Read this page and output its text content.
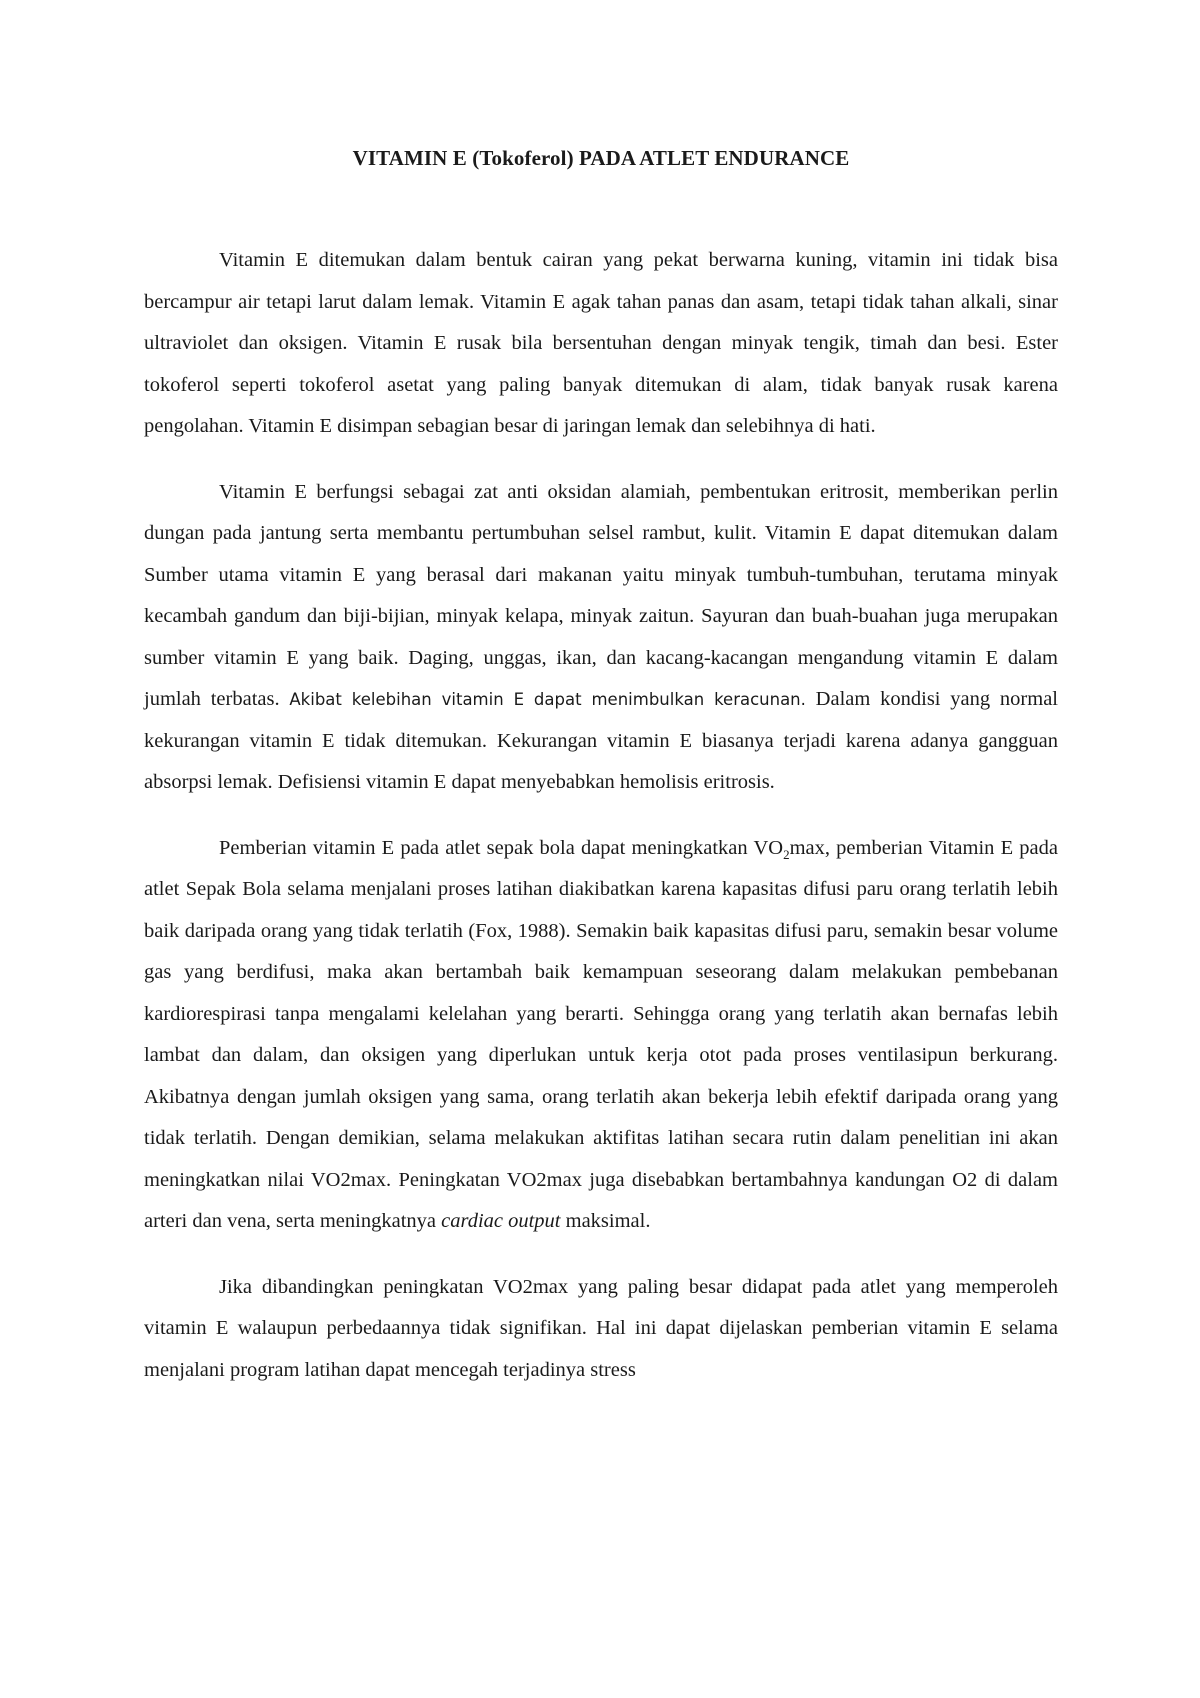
VITAMIN E (Tokoferol) PADA ATLET ENDURANCE

Vitamin E ditemukan dalam bentuk cairan yang pekat berwarna kuning, vitamin ini tidak bisa bercampur air tetapi larut dalam lemak. Vitamin E agak tahan panas dan asam, tetapi tidak tahan alkali, sinar ultraviolet dan oksigen. Vitamin E rusak bila bersentuhan dengan minyak tengik, timah dan besi. Ester tokoferol seperti tokoferol asetat yang paling banyak ditemukan di alam, tidak banyak rusak karena pengolahan. Vitamin E disimpan sebagian besar di jaringan lemak dan selebihnya di hati.

Vitamin E berfungsi sebagai zat anti oksidan alamiah, pembentukan eritrosit, memberikan perlin dungan pada jantung serta membantu pertumbuhan selsel rambut, kulit. Vitamin E dapat ditemukan dalam Sumber utama vitamin E yang berasal dari makanan yaitu minyak tumbuh-tumbuhan, terutama minyak kecambah gandum dan biji-bijian, minyak kelapa, minyak zaitun. Sayuran dan buah-buahan juga merupakan sumber vitamin E yang baik. Daging, unggas, ikan, dan kacang-kacangan mengandung vitamin E dalam jumlah terbatas. Akibat kelebihan vitamin E dapat menimbulkan keracunan. Dalam kondisi yang normal kekurangan vitamin E tidak ditemukan. Kekurangan vitamin E biasanya terjadi karena adanya gangguan absorpsi lemak. Defisiensi vitamin E dapat menyebabkan hemolisis eritrosis.

Pemberian vitamin E pada atlet sepak bola dapat meningkatkan $VO_2\max$, pemberian Vitamin E pada atlet Sepak Bola selama menjalani proses latihan diakibatkan karena kapasitas difusi paru orang terlatih lebih baik daripada orang yang tidak terlatih (Fox, 1988). Semakin baik kapasitas difusi paru, semakin besar volume gas yang berdifusi, maka akan bertambah baik kemampuan seseorang dalam melakukan pembebanan kardiorespirasi tanpa mengalami kelelahan yang berarti. Sehingga orang yang terlatih akan bernafas lebih lambat dan dalam, dan oksigen yang diperlukan untuk kerja otot pada proses ventilasipun berkurang. Akibatnya dengan jumlah oksigen yang sama, orang terlatih akan bekerja lebih efektif daripada orang yang tidak terlatih. Dengan demikian, selama melakukan aktifitas latihan secara rutin dalam penelitian ini akan meningkatkan nilai VO2max. Peningkatan VO2max juga disebabkan bertambahnya kandungan O2 di dalam arteri dan vena, serta meningkatnya cardiac output maksimal.

Jika dibandingkan peningkatan VO2max yang paling besar didapat pada atlet yang memperoleh vitamin E walaupun perbedaannya tidak signifikan. Hal ini dapat dijelaskan pemberian vitamin E selama menjalani program latihan dapat mencegah terjadinya stress
